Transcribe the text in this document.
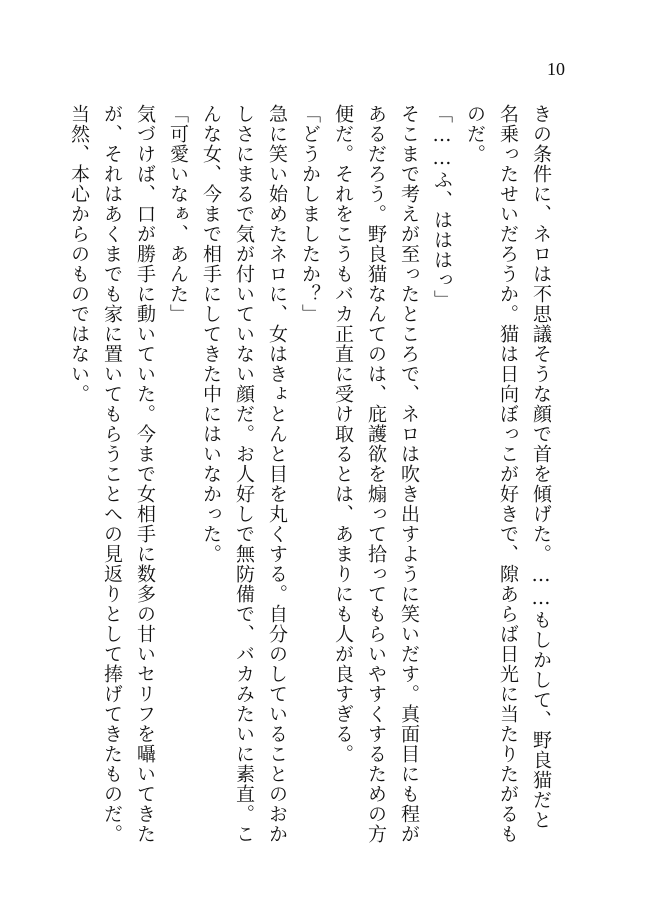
10

きの条件に、ネロは不思議そうな顔で首を傾げた。……もしかして、野良猫だと名乗ったせいだろうか。猫は日向ぼっこが好きで、隙あらば日光に当たりたがるものだ。

「……ふ、はははっ」

そこまで考えが至ったところで、ネロは吹き出すように笑いだす。真面目にも程があるだろう。野良猫なんてのは、庇護欲を煽って拾ってもらいやすくするための方便だ。それをこうもバカ正直に受け取るとは、あまりにも人が良すぎる。

「どうかしましたか？」

急に笑い始めたネロに、女はきょとんと目を丸くする。自分のしていることのおかしさにまるで気が付いていない顔だ。お人好しで無防備で、バカみたいに素直。こんな女、今まで相手にしてきた中にはいなかった。

「可愛いなぁ、あんた」

気づけば、口が勝手に動いていた。今まで女相手に数多の甘いセリフを囁いてきたが、それはあくまでも家に置いてもらうことへの見返りとして捧げてきたものだ。当然、本心からのものではない。
